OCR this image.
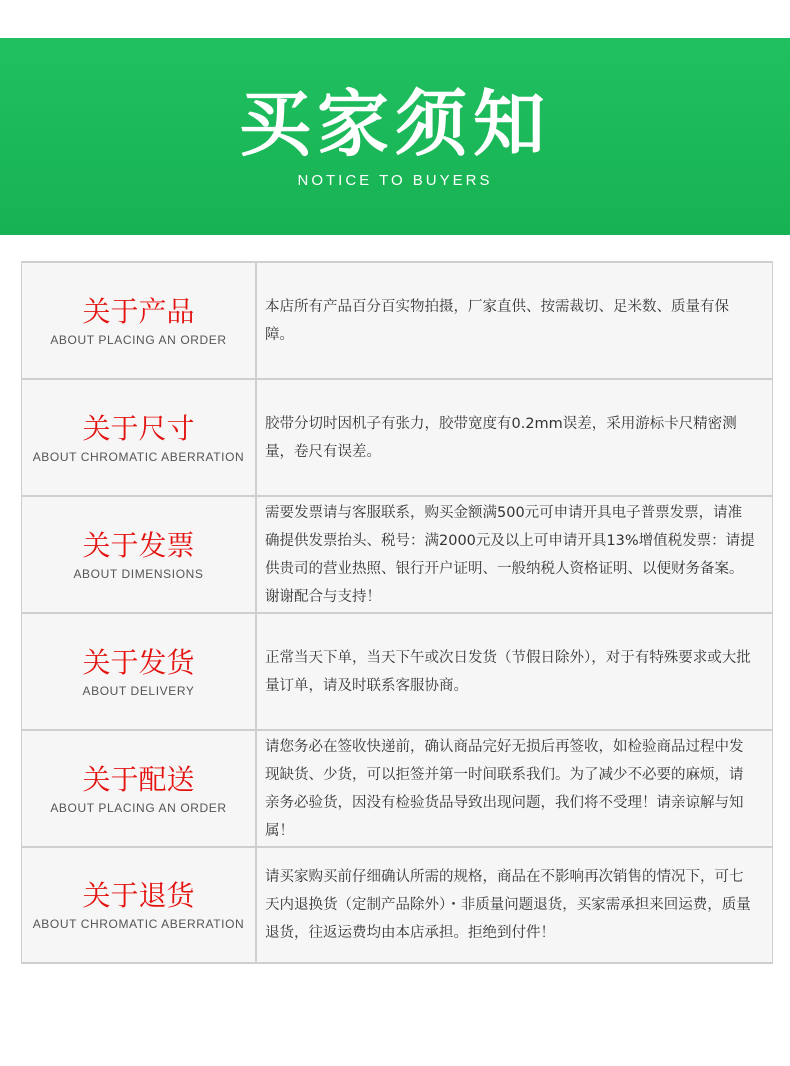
买家须知
NOTICE TO BUYERS
关于产品
ABOUT PLACING AN ORDER
本店所有产品百分百实物拍摄，厂家直供、按需裁切、足米数、质量有保障。
关于尺寸
ABOUT CHROMATIC ABERRATION
胶带分切时因机子有张力，胶带宽度有0.2mm误差，采用游标卡尺精密测量，卷尺有误差。
关于发票
ABOUT DIMENSIONS
需要发票请与客服联系，购买金额满500元可申请开具电子普票发票，请准确提供发票抬头、税号：满2000元及以上可申请开具13%增值税发票：请提供贵司的营业热照、银行开户证明、一般纳税人资格证明、以便财务备案。谢谢配合与支持！
关于发货
ABOUT DELIVERY
正常当天下单，当天下午或次日发货（节假日除外），对于有特殊要求或大批量订单，请及时联系客服协商。
关于配送
ABOUT PLACING AN ORDER
请您务必在签收快递前，确认商品完好无损后再签收，如检验商品过程中发现缺货、少货，可以拒签并第一时间联系我们。为了减少不必要的麻烦，请亲务必验货，因没有检验货品导致出现问题，我们将不受理！请亲谅解与知属！
关于退货
ABOUT CHROMATIC ABERRATION
请买家购买前仔细确认所需的规格，商品在不影响再次销售的情况下，可七天内退换货（定制产品除外）・非质量问题退货，买家需承担来回运费，质量退货，往返运费均由本店承担。拒绝到付件！
